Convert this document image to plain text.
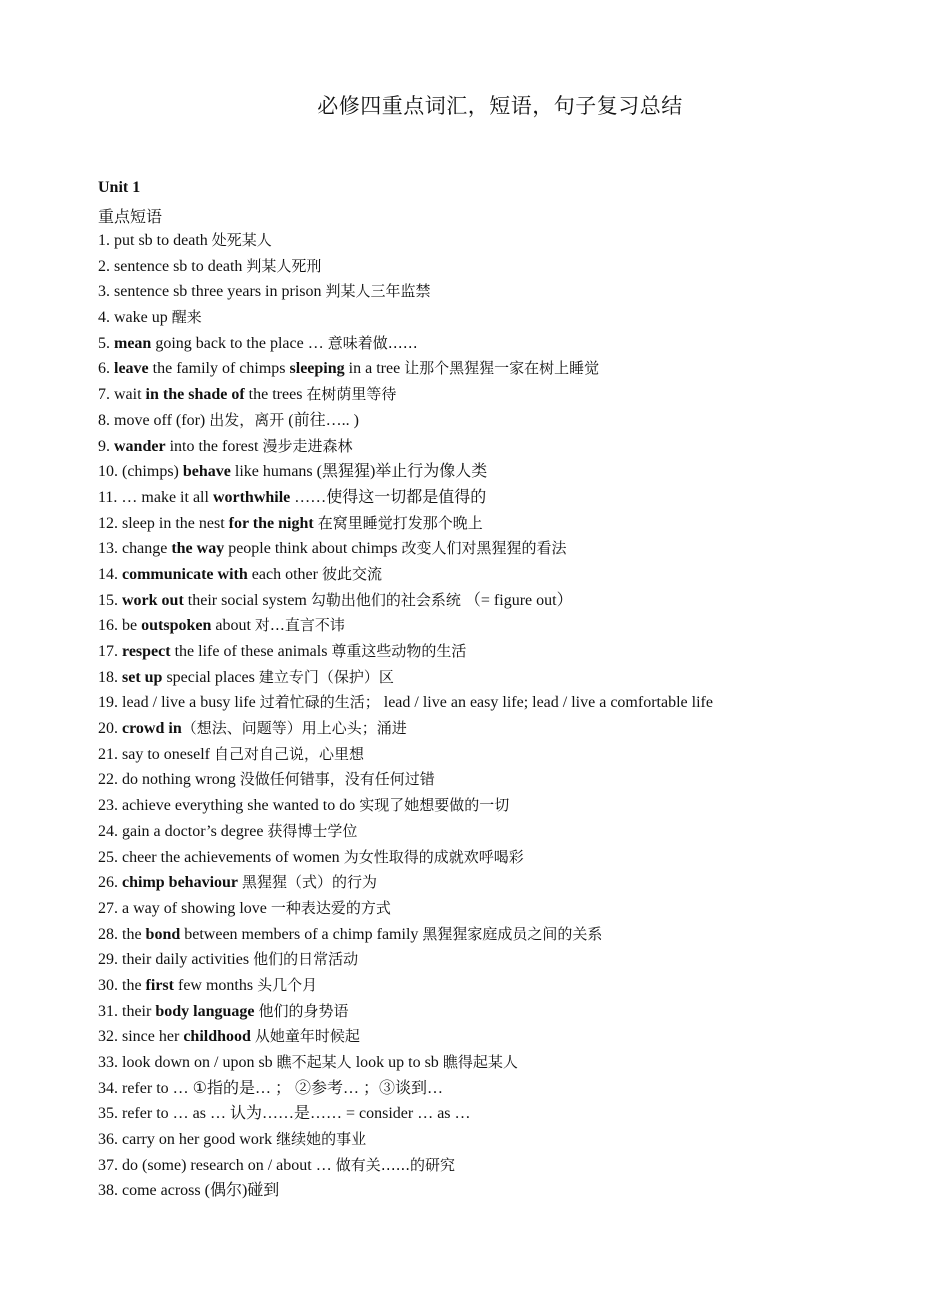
必修四重点词汇，短语，句子复习总结
Unit 1
重点短语
1. put sb to death 处死某人
2. sentence sb to death 判某人死刑
3. sentence sb three years in prison 判某人三年监禁
4. wake up 醒来
5. mean going back to the place … 意味着做……
6. leave the family of chimps sleeping in a tree 让那个黑猩猩一家在树上睡觉
7. wait in the shade of the trees 在树荫里等待
8. move off (for) 出发，离开 (前往….. )
9. wander into the forest 漫步走进森林
10. (chimps) behave like humans (黑猩猩)举止行为像人类
11. … make it all worthwhile ……使得这一切都是值得的
12. sleep in the nest for the night 在窝里睡觉打发那个晚上
13. change the way people think about chimps 改变人们对黑猩猩的看法
14. communicate with each other 彼此交流
15. work out their social system 勾勒出他们的社会系统 （= figure out）
16. be outspoken about 对…直言不讳
17. respect the life of these animals 尊重这些动物的生活
18. set up special places 建立专门（保护）区
19. lead / live a busy life 过着忙碌的生活； lead / live an easy life; lead / live a comfortable life
20. crowd in（想法、问题等）用上心头；涌进
21. say to oneself 自己对自己说，心里想
22. do nothing wrong 没做任何错事，没有任何过错
23. achieve everything she wanted to do 实现了她想要做的一切
24. gain a doctor’s degree 获得博士学位
25. cheer the achievements of women 为女性取得的成就欢呼喝彩
26. chimp behaviour 黑猩猩（式）的行为
27. a way of showing love 一种表达爱的方式
28. the bond between members of a chimp family 黑猩猩家庭成员之间的关系
29. their daily activities 他们的日常活动
30. the first few months 头几个月
31. their body language 他们的身势语
32. since her childhood 从她童年时候起
33. look down on / upon sb 瞧不起某人 look up to sb 瞧得起某人
34. refer to … ①指的是… ； ②参考… ；③谈到…
35. refer to … as … 认为……是…… = consider … as …
36. carry on her good work 继续她的事业
37. do (some) research on / about … 做有关…...的研究
38. come across (偶尔)碰到
